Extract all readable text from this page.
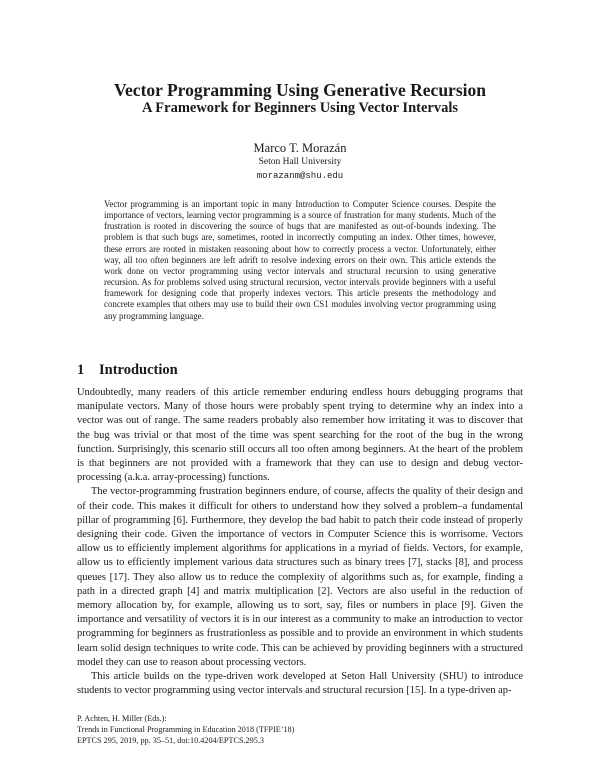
Vector Programming Using Generative Recursion
A Framework for Beginners Using Vector Intervals
Marco T. Morazán
Seton Hall University
morazanm@shu.edu

Vector programming is an important topic in many Introduction to Computer Science courses. Despite the importance of vectors, learning vector programming is a source of frustration for many students. Much of the frustration is rooted in discovering the source of bugs that are manifested as out-of-bounds indexing. The problem is that such bugs are, sometimes, rooted in incorrectly computing an index. Other times, however, these errors are rooted in mistaken reasoning about how to correctly process a vector. Unfortunately, either way, all too often beginners are left adrift to resolve indexing errors on their own. This article extends the work done on vector programming using vector intervals and structural recursion to using generative recursion. As for problems solved using structural recursion, vector intervals provide beginners with a useful framework for designing code that properly indexes vectors. This article presents the methodology and concrete examples that others may use to build their own CS1 modules involving vector programming using any programming language.

1 Introduction

Undoubtedly, many readers of this article remember enduring endless hours debugging programs that manipulate vectors. Many of those hours were probably spent trying to determine why an index into a vector was out of range. The same readers probably also remember how irritating it was to discover that the bug was trivial or that most of the time was spent searching for the root of the bug in the wrong function. Surprisingly, this scenario still occurs all too often among beginners. At the heart of the problem is that beginners are not provided with a framework that they can use to design and debug vector-processing (a.k.a. array-processing) functions.

The vector-programming frustration beginners endure, of course, affects the quality of their design and of their code. This makes it difficult for others to understand how they solved a problem–a fundamental pillar of programming [6]. Furthermore, they develop the bad habit to patch their code instead of properly designing their code. Given the importance of vectors in Computer Science this is worrisome. Vectors allow us to efficiently implement algorithms for applications in a myriad of fields. Vectors, for example, allow us to efficiently implement various data structures such as binary trees [7], stacks [8], and process queues [17]. They also allow us to reduce the complexity of algorithms such as, for example, finding a path in a directed graph [4] and matrix multiplication [2]. Vectors are also useful in the reduction of memory allocation by, for example, allowing us to sort, say, files or numbers in place [9]. Given the importance and versatility of vectors it is in our interest as a community to make an introduction to vector programming for beginners as frustrationless as possible and to provide an environment in which students learn solid design techniques to write code. This can be achieved by providing beginners with a structured model they can use to reason about processing vectors.

This article builds on the type-driven work developed at Seton Hall University (SHU) to introduce students to vector programming using vector intervals and structural recursion [15]. In a type-driven ap-

P. Achten, H. Miller (Eds.):
Trends in Functional Programming in Education 2018 (TFPIE’18)
EPTCS 295, 2019, pp. 35–51, doi:10.4204/EPTCS.295.3
